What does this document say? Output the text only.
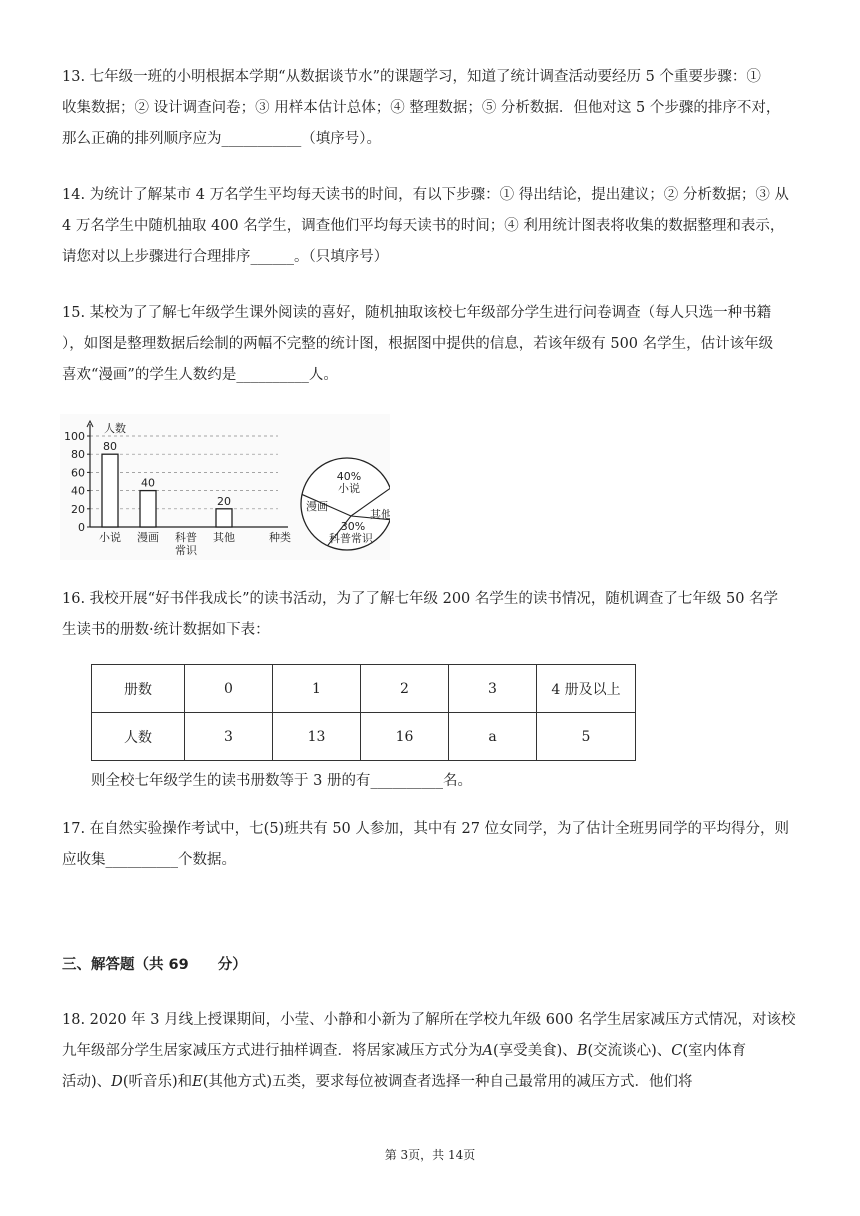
13. 七年级一班的小明根据本学期“从数据谈节水”的课题学习，知道了统计调查活动要经历 5 个重要步骤：①
收集数据；② 设计调查问卷；③ 用样本估计总体；④ 整理数据；⑤ 分析数据．但他对这 5 个步骤的排序不对，
那么正确的排列顺序应为___________（填序号）。
14. 为统计了解某市 4 万名学生平均每天读书的时间，有以下步骤：① 得出结论，提出建议；② 分析数据；③ 从
4 万名学生中随机抽取 400 名学生，调查他们平均每天读书的时间；④ 利用统计图表将收集的数据整理和表示，
请您对以上步骤进行合理排序______。（只填序号）
15. 某校为了了解七年级学生课外阅读的喜好，随机抽取该校七年级部分学生进行问卷调查（每人只选一种书籍
），如图是整理数据后绘制的两幅不完整的统计图，根据图中提供的信息，若该年级有 500 名学生，估计该年级
喜欢“漫画”的学生人数约是__________人。
0
20
40
60
80
100
人数
种类
80
小说
40
漫画 科普
常识
20
其他
小说
40%
科普常识
30%
漫画
其他
16. 我校开展“好书伴我成长”的读书活动，为了了解七年级 200 名学生的读书情况，随机调查了七年级 50 名学
生读书的册数·统计数据如下表：
册数	0	1	2	3	4 册及以上
人数	3	13	16	a	5
则全校七年级学生的读书册数等于 3 册的有__________名。
17. 在自然实验操作考试中，七(5)班共有 50 人参加，其中有 27 位女同学，为了估计全班男同学的平均得分，则
应收集__________个数据。
三、解答题（共 69　　分）
18. 2020 年 3 月线上授课期间，小莹、小静和小新为了解所在学校九年级 600 名学生居家减压方式情况，对该校
九年级部分学生居家减压方式进行抽样调查．将居家减压方式分为A(享受美食)、B(交流谈心)、C(室内体育
活动)、D(听音乐)和E(其他方式)五类，要求每位被调查者选择一种自己最常用的减压方式．他们将
第 3页，共 14页
